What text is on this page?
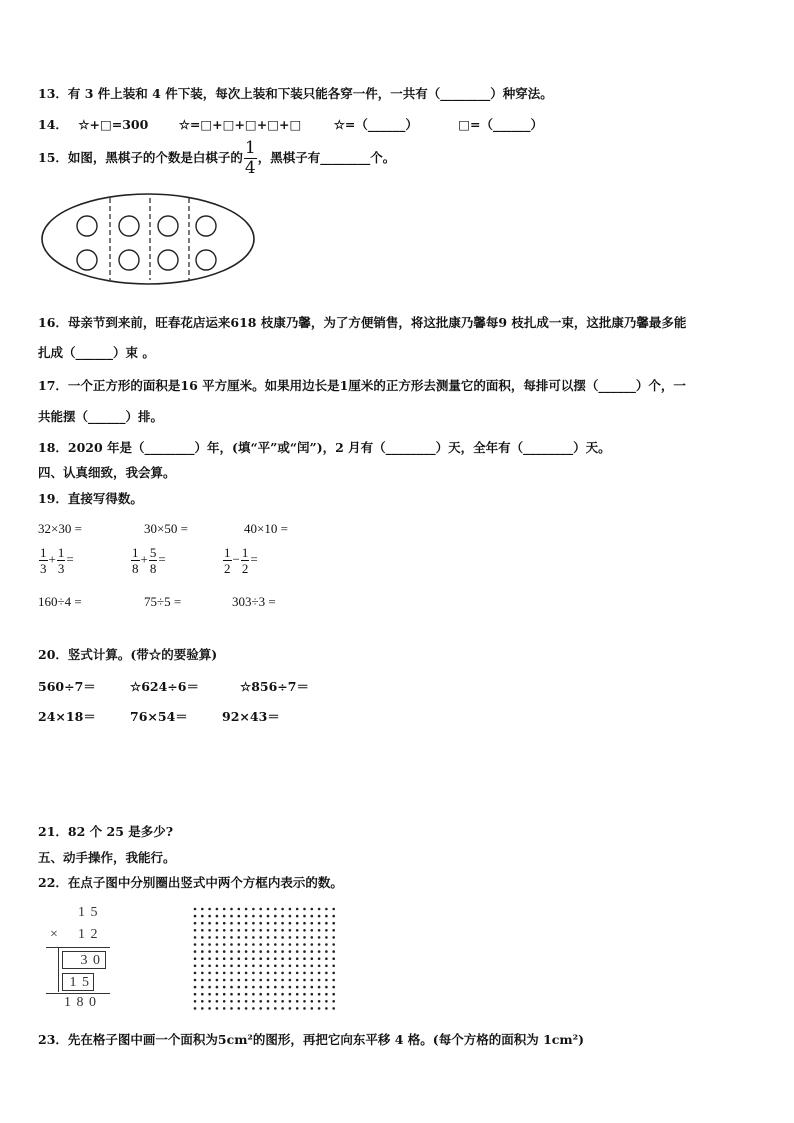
13．有 3 件上装和 4 件下装，每次上装和下装只能各穿一件，一共有（________）种穿法。
14． ☆+□=300 ☆=□+□+□+□+□	☆=（______）	□=（______）
15．如图，黑棋子的个数是白棋子的 $\frac{1}{4}$ ，黑棋子有________个。
16．母亲节到来前，旺春花店运来618 枝康乃馨，为了方便销售，将这批康乃馨每9 枝扎成一束，这批康乃馨最多能
扎成（______）束 。
17．一个正方形的面积是16 平方厘米。如果用边长是1厘米的正方形去测量它的面积，每排可以摆（______）个，一
共能摆（______）排。
18．2020 年是（________）年，(填“平”或“闰”)，2 月有（________）天，全年有（________）天。
四、认真细致，我会算。
19．直接写得数。
32×30 =	30×50 =	40×10 =
$\frac{1}{3} + \frac{1}{3}$ =	$\frac{1}{8} + \frac{5}{8}$ =	$\frac{1}{2} - \frac{1}{2}$ =
160÷4 =	75÷5 =	303÷3 =
20．竖式计算。(带☆的要验算)
560÷7＝	☆624÷6＝	☆856÷7＝
24×18＝	76×54＝	92×43＝
21．82 个 25 是多少?
五、动手操作，我能行。
22．在点子图中分别圈出竖式中两个方框内表示的数。
1 5
× 1 2
3 0
1 5
1 8 0
23．先在格子图中画一个面积为5cm²的图形，再把它向东平移 4 格。(每个方格的面积为 1cm²)
